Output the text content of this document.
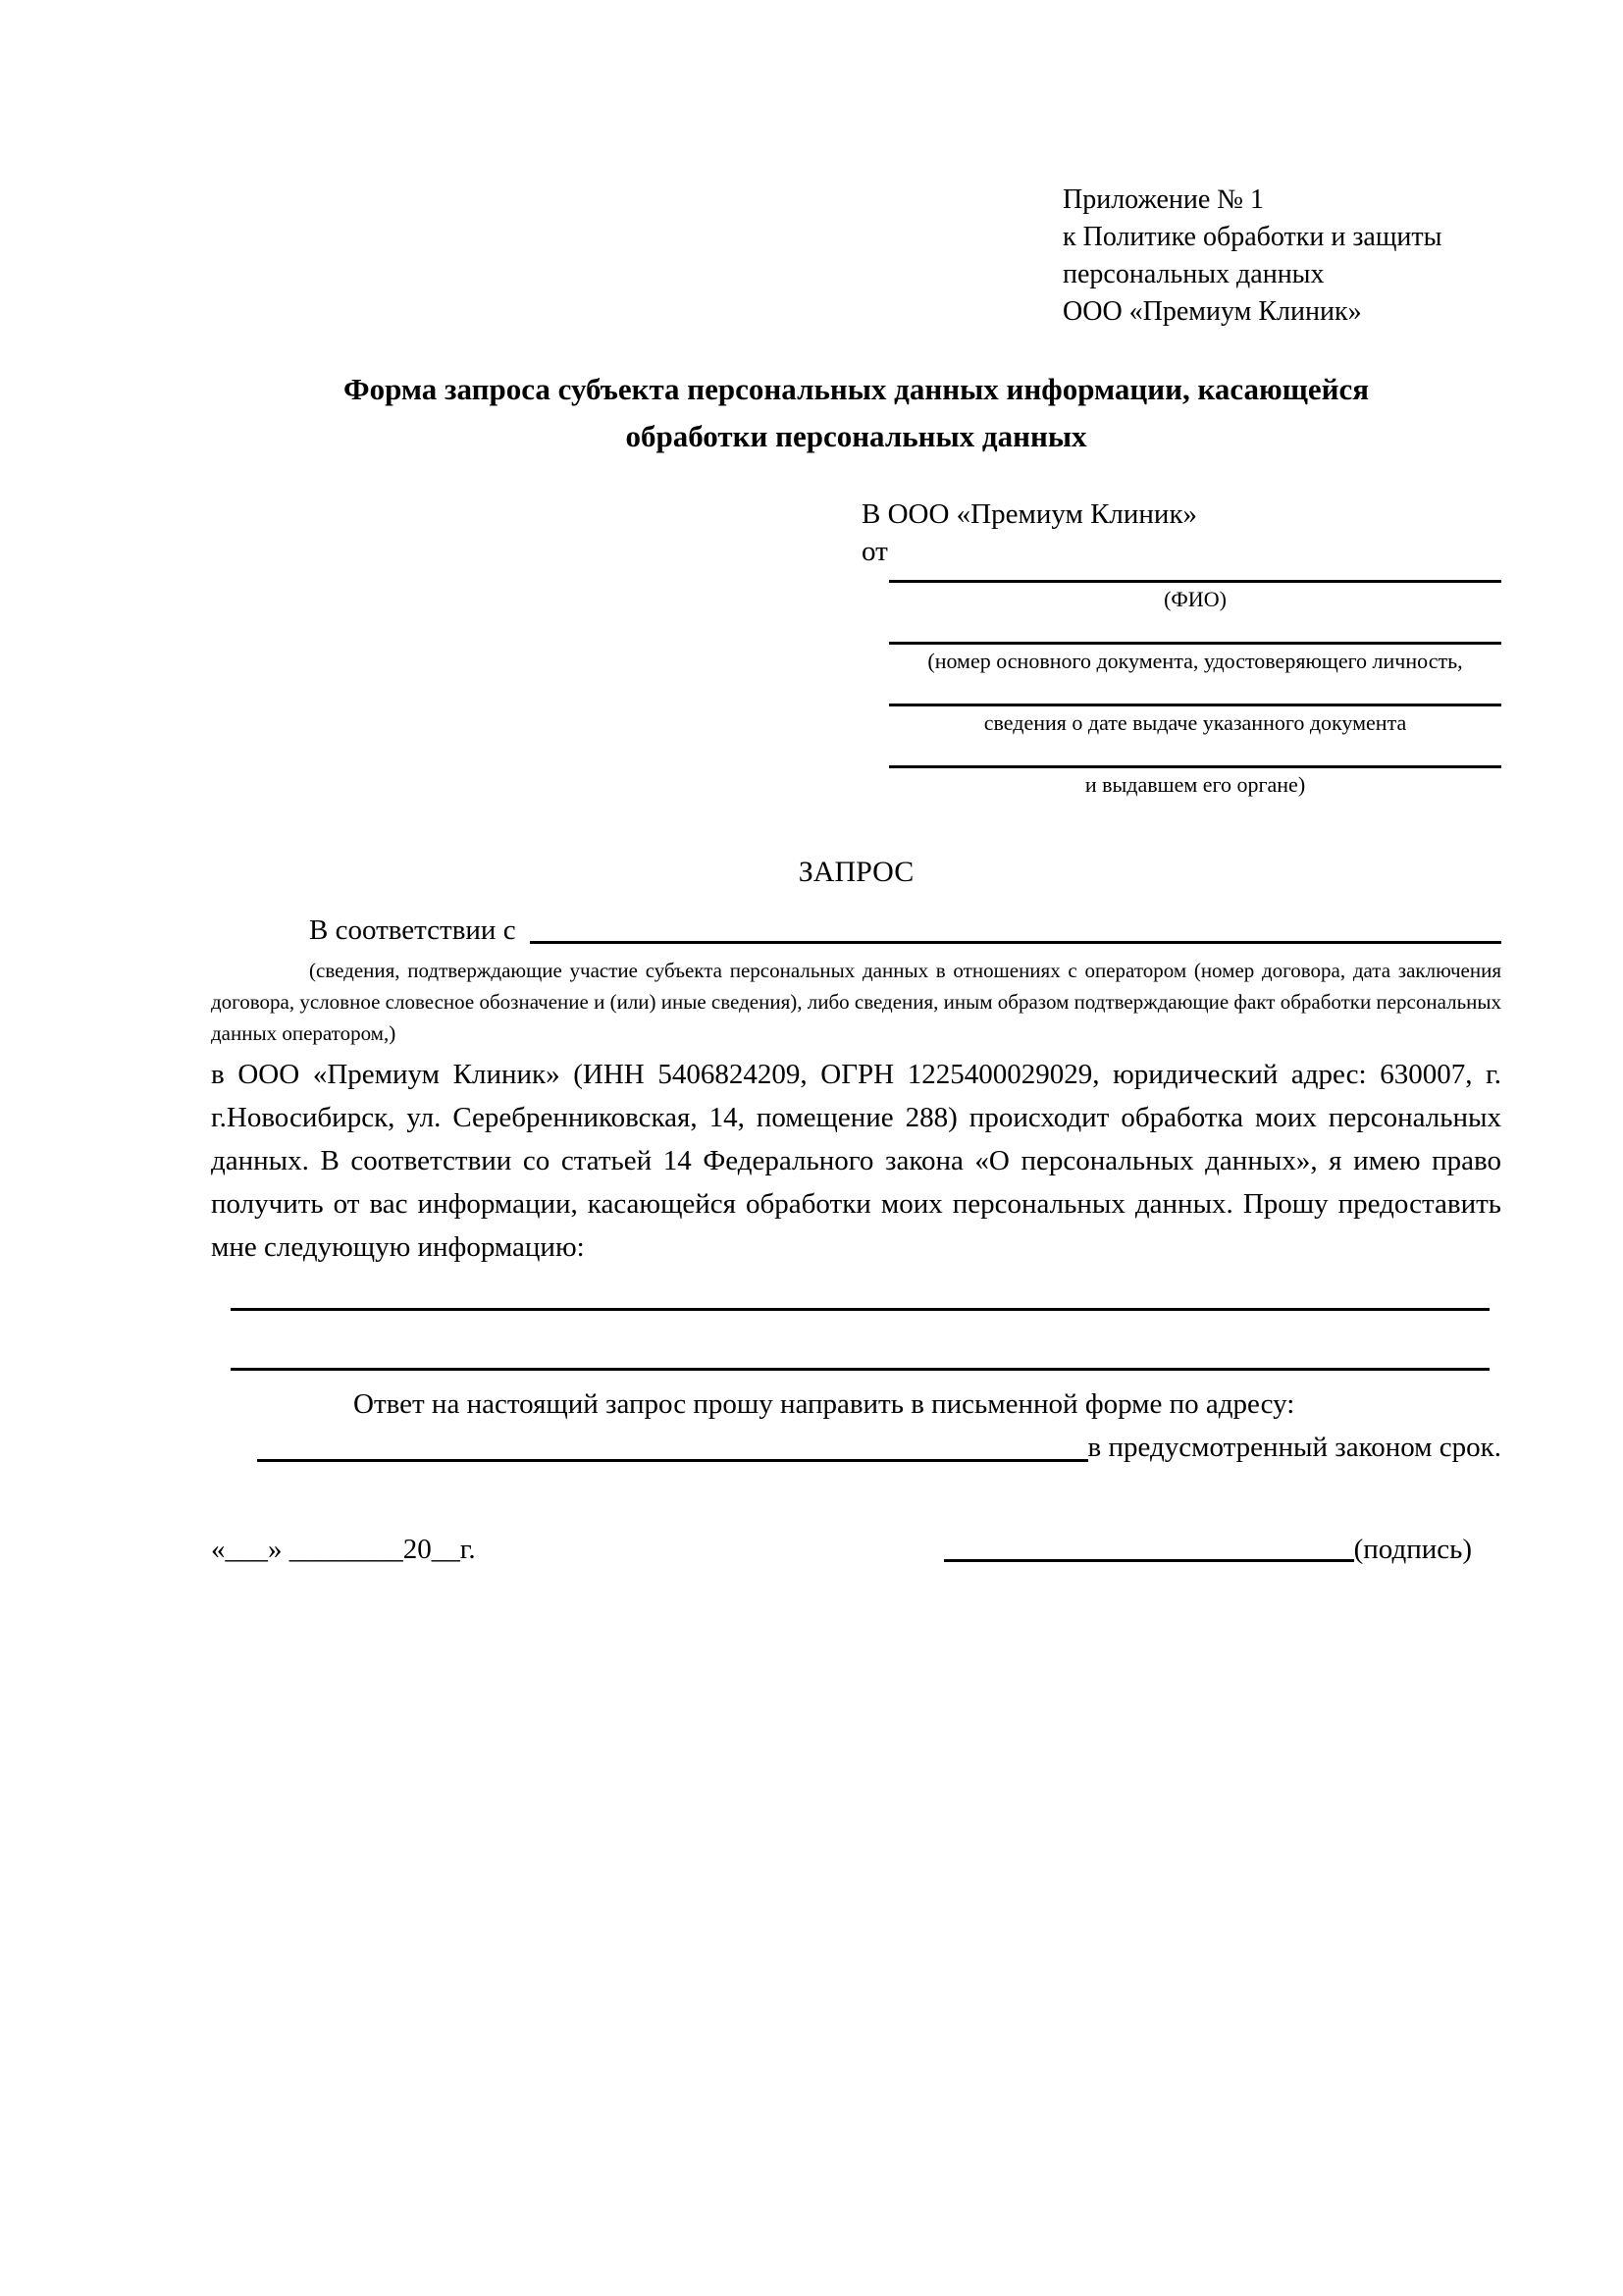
Приложение № 1
к Политике обработки и защиты
персональных данных
ООО «Премиум Клиник»
Форма запроса субъекта персональных данных информации, касающейся обработки персональных данных
В ООО «Премиум Клиник»
от
(ФИО)
(номер основного документа, удостоверяющего личность,
сведения о дате выдаче указанного документа
и выдавшем его органе)
ЗАПРОС
В соответствии с
(сведения, подтверждающие участие субъекта персональных данных в отношениях с оператором (номер договора, дата заключения договора, условное словесное обозначение и (или) иные сведения), либо сведения, иным образом подтверждающие факт обработки персональных данных оператором,)
в ООО «Премиум Клиник» (ИНН 5406824209, ОГРН 1225400029029, юридический адрес: 630007, г. г.Новосибирск, ул. Серебренниковская, 14, помещение 288) происходит обработка моих персональных данных. В соответствии со статьей 14 Федерального закона «О персональных данных», я имею право получить от вас информации, касающейся обработки моих персональных данных. Прошу предоставить мне следующую информацию:
Ответ на настоящий запрос прошу направить в письменной форме по адресу:
в предусмотренный законом срок.
«___» ________20__г.	(подпись)
